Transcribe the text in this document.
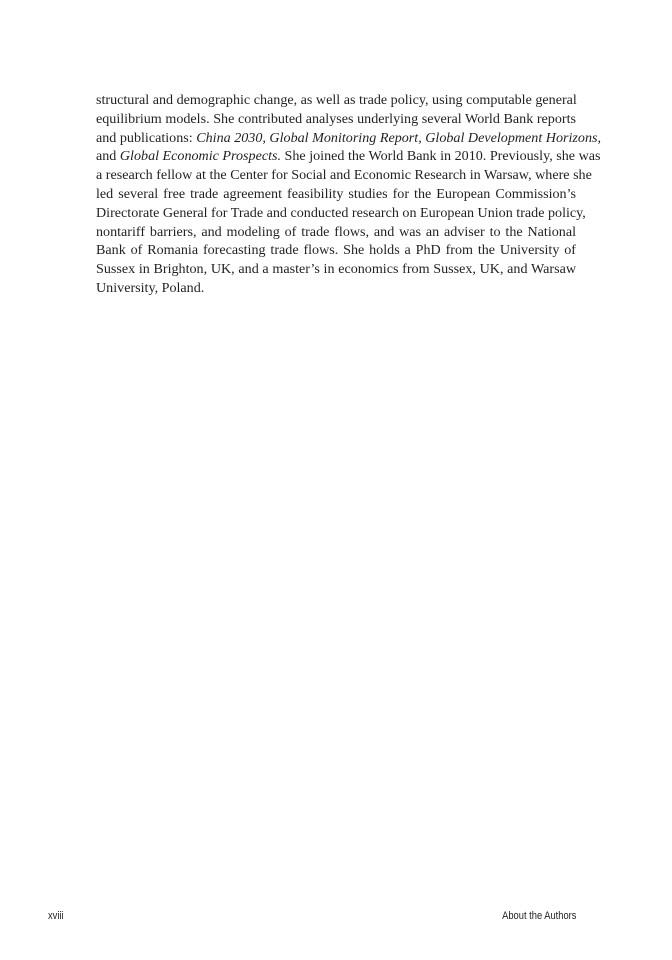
structural and demographic change, as well as trade policy, using computable general
equilibrium models. She contributed analyses underlying several World Bank reports
and publications: China 2030, Global Monitoring Report, Global Development Horizons,
and Global Economic Prospects. She joined the World Bank in 2010. Previously, she was
a research fellow at the Center for Social and Economic Research in Warsaw, where she
led several free trade agreement feasibility studies for the European Commission’s
Directorate General for Trade and conducted research on European Union trade policy,
nontariff barriers, and modeling of trade flows, and was an adviser to the National
Bank of Romania forecasting trade flows. She holds a PhD from the University of
Sussex in Brighton, UK, and a master’s in economics from Sussex, UK, and Warsaw
University, Poland.

xviii	About the Authors
